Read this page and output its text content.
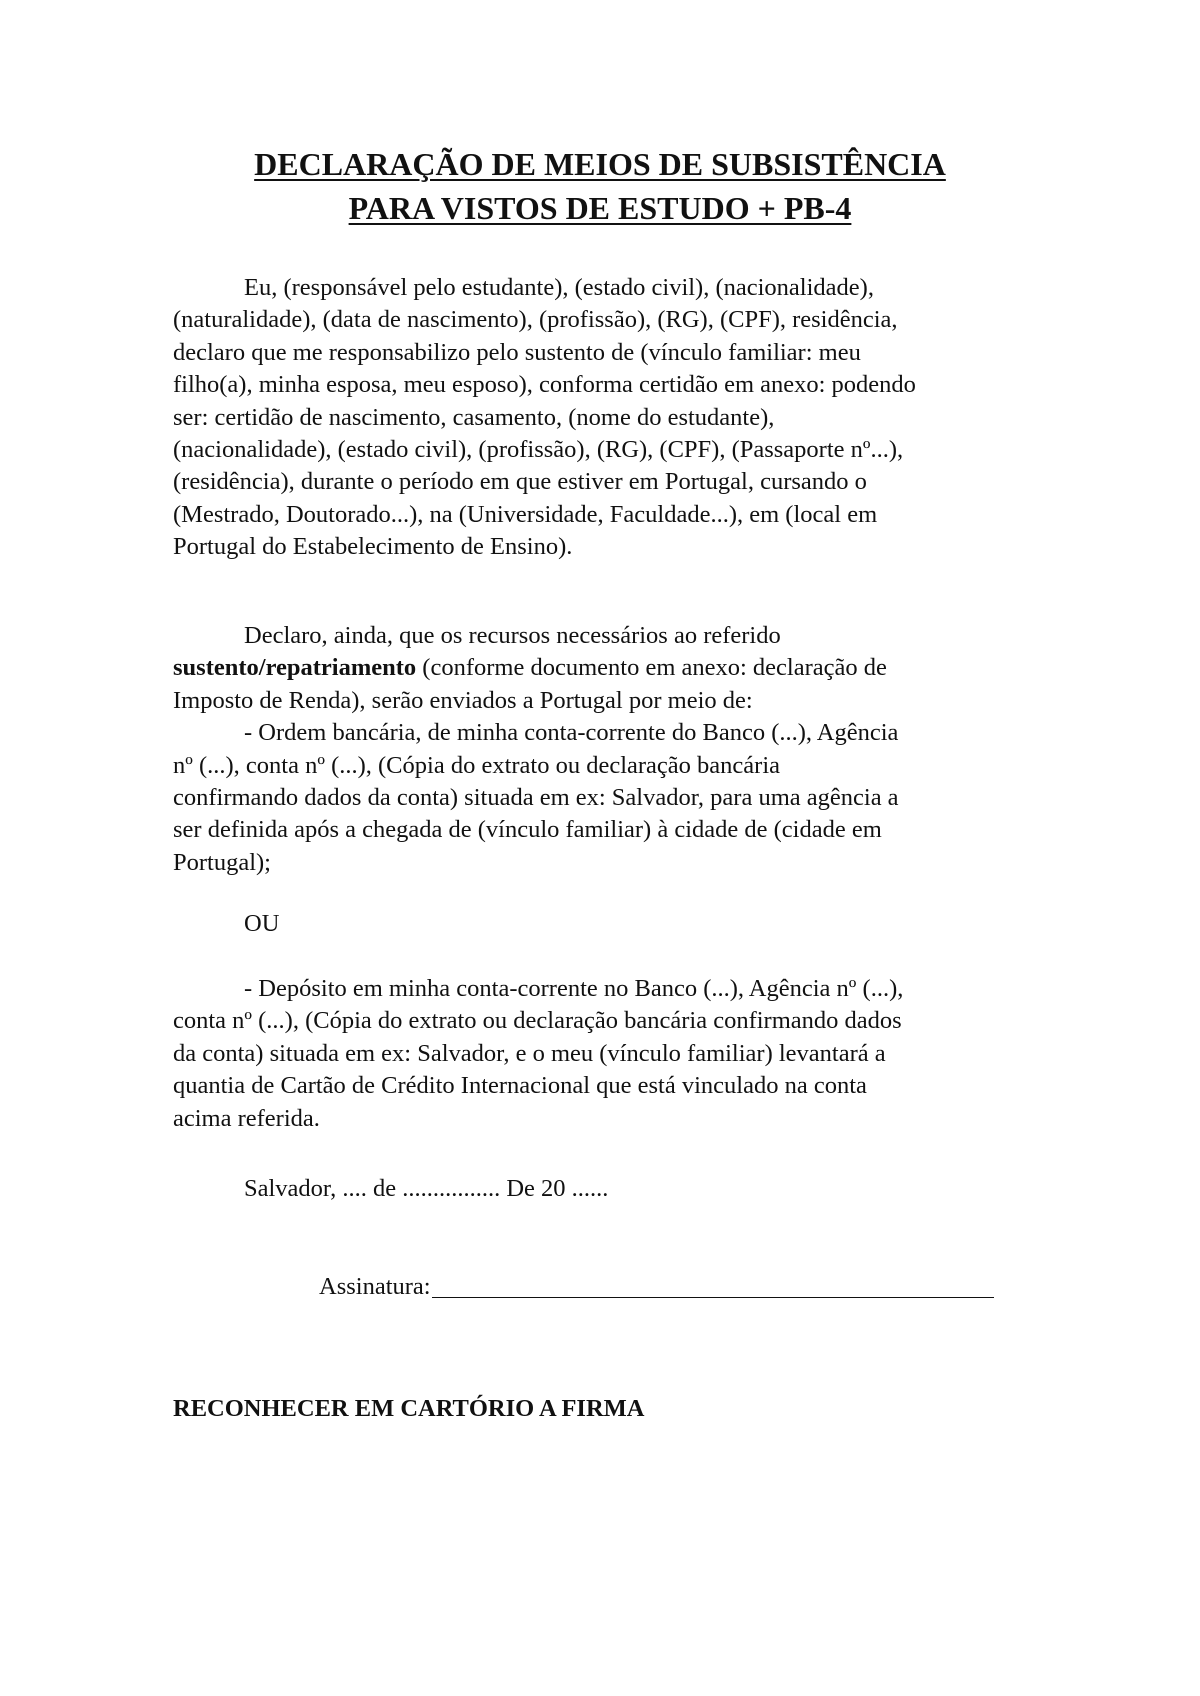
DECLARAÇÃO DE MEIOS DE SUBSISTÊNCIA
PARA VISTOS DE ESTUDO + PB-4
Eu, (responsável pelo estudante), (estado civil), (nacionalidade),
(naturalidade), (data de nascimento), (profissão), (RG), (CPF), residência,
declaro que me responsabilizo pelo sustento de (vínculo familiar: meu
filho(a), minha esposa, meu esposo), conforma certidão em anexo: podendo
ser: certidão de nascimento, casamento, (nome do estudante),
(nacionalidade), (estado civil), (profissão), (RG), (CPF), (Passaporte nº...),
(residência), durante o período em que estiver em Portugal, cursando o
(Mestrado, Doutorado...), na (Universidade, Faculdade...), em (local em
Portugal do Estabelecimento de Ensino).
Declaro, ainda, que os recursos necessários ao referido
sustento/repatriamento (conforme documento em anexo: declaração de
Imposto de Renda), serão enviados a Portugal por meio de:
- Ordem bancária, de minha conta-corrente do Banco (...), Agência
nº (...), conta nº (...), (Cópia do extrato ou declaração bancária
confirmando dados da conta) situada em ex: Salvador, para uma agência a
ser definida após a chegada de (vínculo familiar) à cidade de (cidade em
Portugal);
OU
- Depósito em minha conta-corrente no Banco (...), Agência nº (...),
conta nº (...), (Cópia do extrato ou declaração bancária confirmando dados
da conta) situada em ex: Salvador, e o meu (vínculo familiar) levantará a
quantia de Cartão de Crédito Internacional que está vinculado na conta
acima referida.
Salvador, .... de ................ De 20 ......
Assinatura:
RECONHECER EM CARTÓRIO A FIRMA
